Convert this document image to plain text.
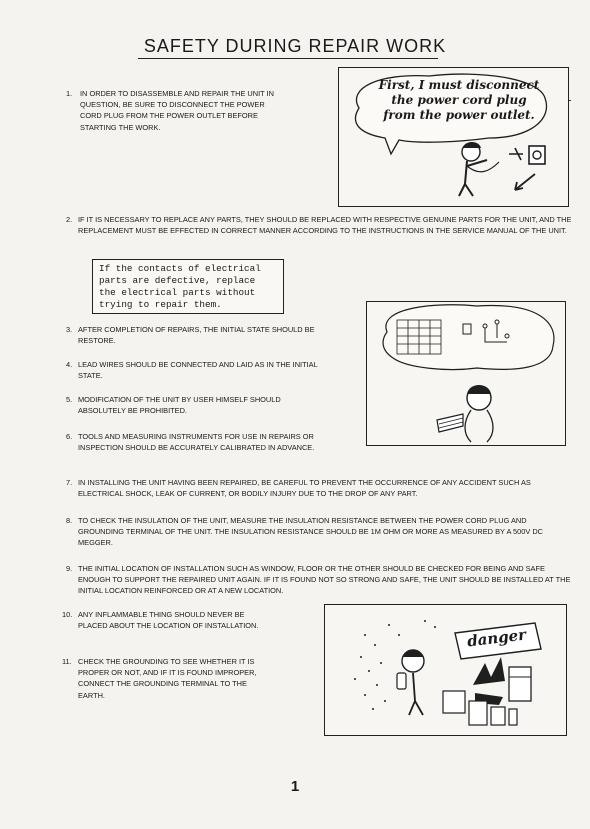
SAFETY DURING REPAIR WORK
1.	IN ORDER TO DISASSEMBLE AND REPAIR THE UNIT IN QUESTION, BE SURE TO DISCONNECT THE POWER CORD PLUG FROM THE POWER OUTLET BEFORE STARTING THE WORK.
First, I must disconnect
the power cord plug
from the power outlet.
2. IF IT IS NECESSARY TO REPLACE ANY PARTS, THEY SHOULD BE REPLACED WITH RESPECTIVE GENUINE PARTS FOR THE UNIT, AND THE REPLACEMENT MUST BE EFFECTED IN CORRECT MANNER ACCORDING TO THE INSTRUCTIONS IN THE SERVICE MANUAL OF THE UNIT.
If the contacts of electrical
parts are defective, replace
the electrical parts without
trying to repair them.
3. AFTER COMPLETION OF REPAIRS, THE INITIAL STATE SHOULD BE RESTORE.
4. LEAD WIRES SHOULD BE CONNECTED AND LAID AS IN THE INITIAL STATE.
5. MODIFICATION OF THE UNIT BY USER HIMSELF SHOULD ABSOLUTELY BE PROHIBITED.
6. TOOLS AND MEASURING INSTRUMENTS FOR USE IN REPAIRS OR INSPECTION SHOULD BE ACCURATELY CALIBRATED IN ADVANCE.
7. IN INSTALLING THE UNIT HAVING BEEN REPAIRED, BE CAREFUL TO PREVENT THE OCCURRENCE OF ANY ACCIDENT SUCH AS ELECTRICAL SHOCK, LEAK OF CURRENT, OR BODILY INJURY DUE TO THE DROP OF ANY PART.
8. TO CHECK THE INSULATION OF THE UNIT, MEASURE THE INSULATION RESISTANCE BETWEEN THE POWER CORD PLUG AND GROUNDING TERMINAL OF THE UNIT. THE INSULATION RESISTANCE SHOULD BE 1M OHM OR MORE AS MEASURED BY A 500V DC MEGGER.
9. THE INITIAL LOCATION OF INSTALLATION SUCH AS WINDOW, FLOOR OR THE OTHER SHOULD BE CHECKED FOR BEING AND SAFE ENOUGH TO SUPPORT THE REPAIRED UNIT AGAIN. IF IT IS FOUND NOT SO STRONG AND SAFE, THE UNIT SHOULD BE INSTALLED AT THE INITIAL LOCATION REINFORCED OR AT A NEW LOCATION.
10. ANY INFLAMMABLE THING SHOULD NEVER BE PLACED ABOUT THE LOCATION OF INSTALLATION.
11. CHECK THE GROUNDING TO SEE WHETHER IT IS PROPER OR NOT, AND IF IT IS FOUND IMPROPER, CONNECT THE GROUNDING TERMINAL TO THE EARTH.
danger
1
